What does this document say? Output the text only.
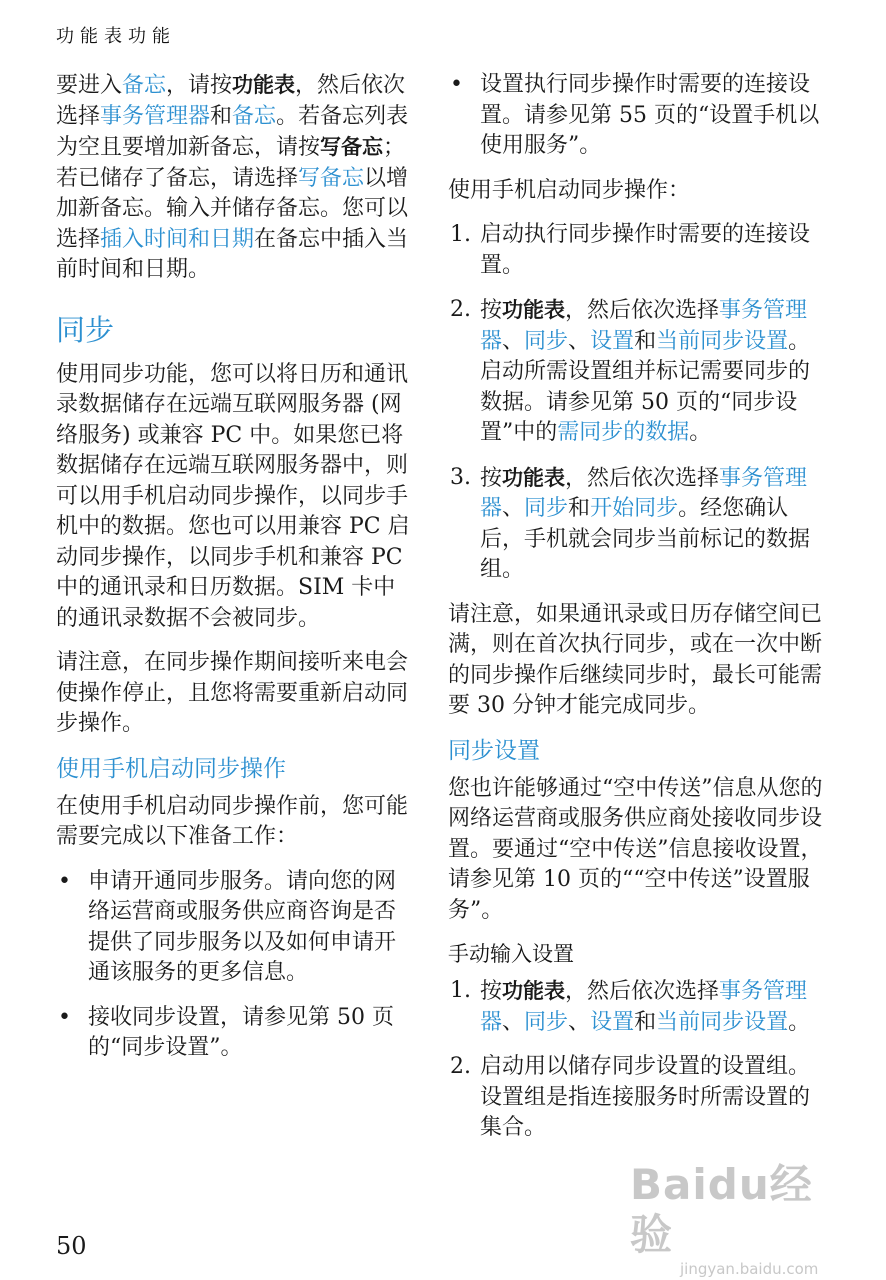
功能表功能

要进入备忘，请按功能表，然后依次选择事务管理器和备忘。若备忘列表为空且要增加新备忘，请按写备忘；若已储存了备忘，请选择写备忘以增加新备忘。输入并储存备忘。您可以选择插入时间和日期在备忘中插入当前时间和日期。

同步

使用同步功能，您可以将日历和通讯录数据储存在远端互联网服务器 (网络服务) 或兼容 PC 中。如果您已将数据储存在远端互联网服务器中，则可以用手机启动同步操作，以同步手机中的数据。您也可以用兼容 PC 启动同步操作，以同步手机和兼容 PC 中的通讯录和日历数据。SIM 卡中的通讯录数据不会被同步。

请注意，在同步操作期间接听来电会使操作停止，且您将需要重新启动同步操作。

使用手机启动同步操作

在使用手机启动同步操作前，您可能需要完成以下准备工作：

• 申请开通同步服务。请向您的网络运营商或服务供应商咨询是否提供了同步服务以及如何申请开通该服务的更多信息。
• 接收同步设置，请参见第 50 页的“同步设置”。
• 设置执行同步操作时需要的连接设置。请参见第 55 页的“设置手机以使用服务”。

使用手机启动同步操作：

1. 启动执行同步操作时需要的连接设置。
2. 按功能表，然后依次选择事务管理器、同步、设置和当前同步设置。启动所需设置组并标记需要同步的数据。请参见第 50 页的“同步设置”中的需同步的数据。
3. 按功能表，然后依次选择事务管理器、同步和开始同步。经您确认后，手机就会同步当前标记的数据组。

请注意，如果通讯录或日历存储空间已满，则在首次执行同步，或在一次中断的同步操作后继续同步时，最长可能需要 30 分钟才能完成同步。

同步设置

您也许能够通过“空中传送”信息从您的网络运营商或服务供应商处接收同步设置。要通过“空中传送”信息接收设置，请参见第 10 页的““空中传送”设置服务”。

手动输入设置
1. 按功能表，然后依次选择事务管理器、同步、设置和当前同步设置。
2. 启动用以储存同步设置的设置组。设置组是指连接服务时所需设置的集合。
50
Baidu经验
jingyan.baidu.com
